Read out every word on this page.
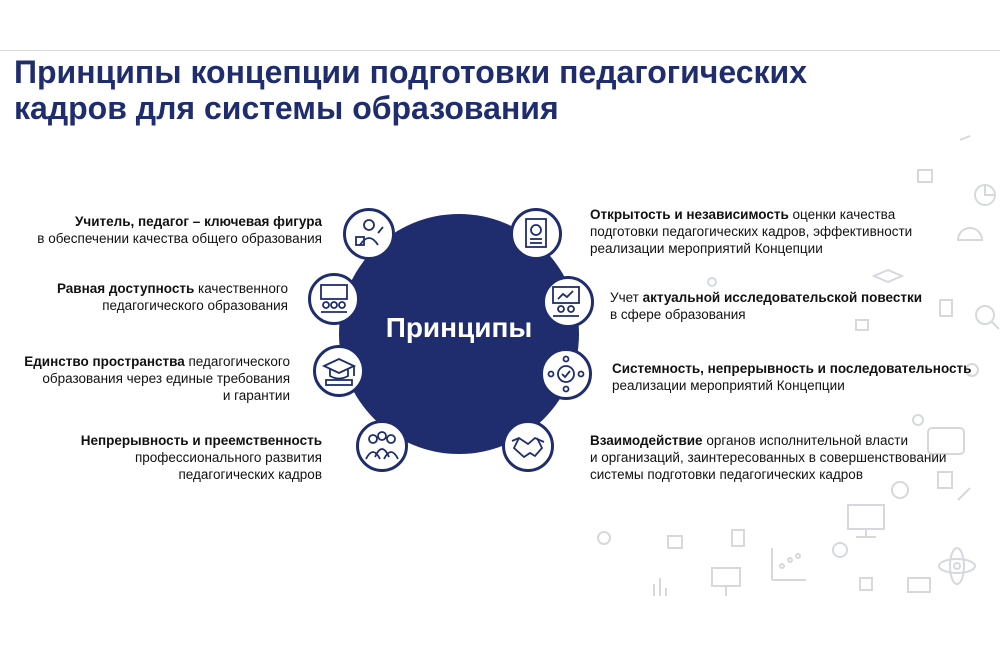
Принципы концепции подготовки педагогических
кадров для системы образования
Принципы
Учитель, педагог – ключевая фигура
в обеспечении качества общего образования
Равная доступность качественного
педагогического образования
Единство пространства педагогического
образования через единые требования
и гарантии
Непрерывность и преемственность
профессионального развития
педагогических кадров
Открытость и независимость оценки качества
подготовки педагогических кадров, эффективности
реализации мероприятий Концепции
Учет актуальной исследовательской повестки
в сфере образования
Системность, непрерывность и последовательность
реализации мероприятий Концепции
Взаимодействие органов исполнительной власти
и организаций, заинтересованных в совершенствовании
системы подготовки педагогических кадров
